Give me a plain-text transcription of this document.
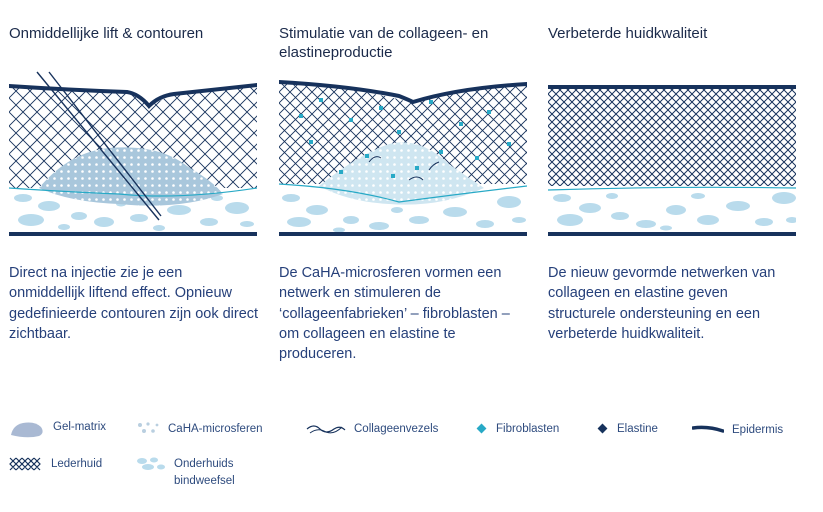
Onmiddellijke lift & contouren

Direct na injectie zie je een onmiddellijk liftend effect. Opnieuw gedefinieerde contouren zijn ook direct zichtbaar.

Stimulatie van de collageen- en elastineproductie

De CaHA-microsferen vormen een netwerk en stimuleren de ‘collageenfabrieken’ – fibroblasten – om collageen en elastine te produceren.

Verbeterde huidkwaliteit

De nieuw gevormde netwerken van collageen en elastine geven structurele ondersteuning en een verbeterde huidkwaliteit.

Gel-matrix	CaHA-microsferen	Collageenvezels	Fibroblasten	Elastine	Epidermis
Lederhuid	Onderhuids
bindweefsel
